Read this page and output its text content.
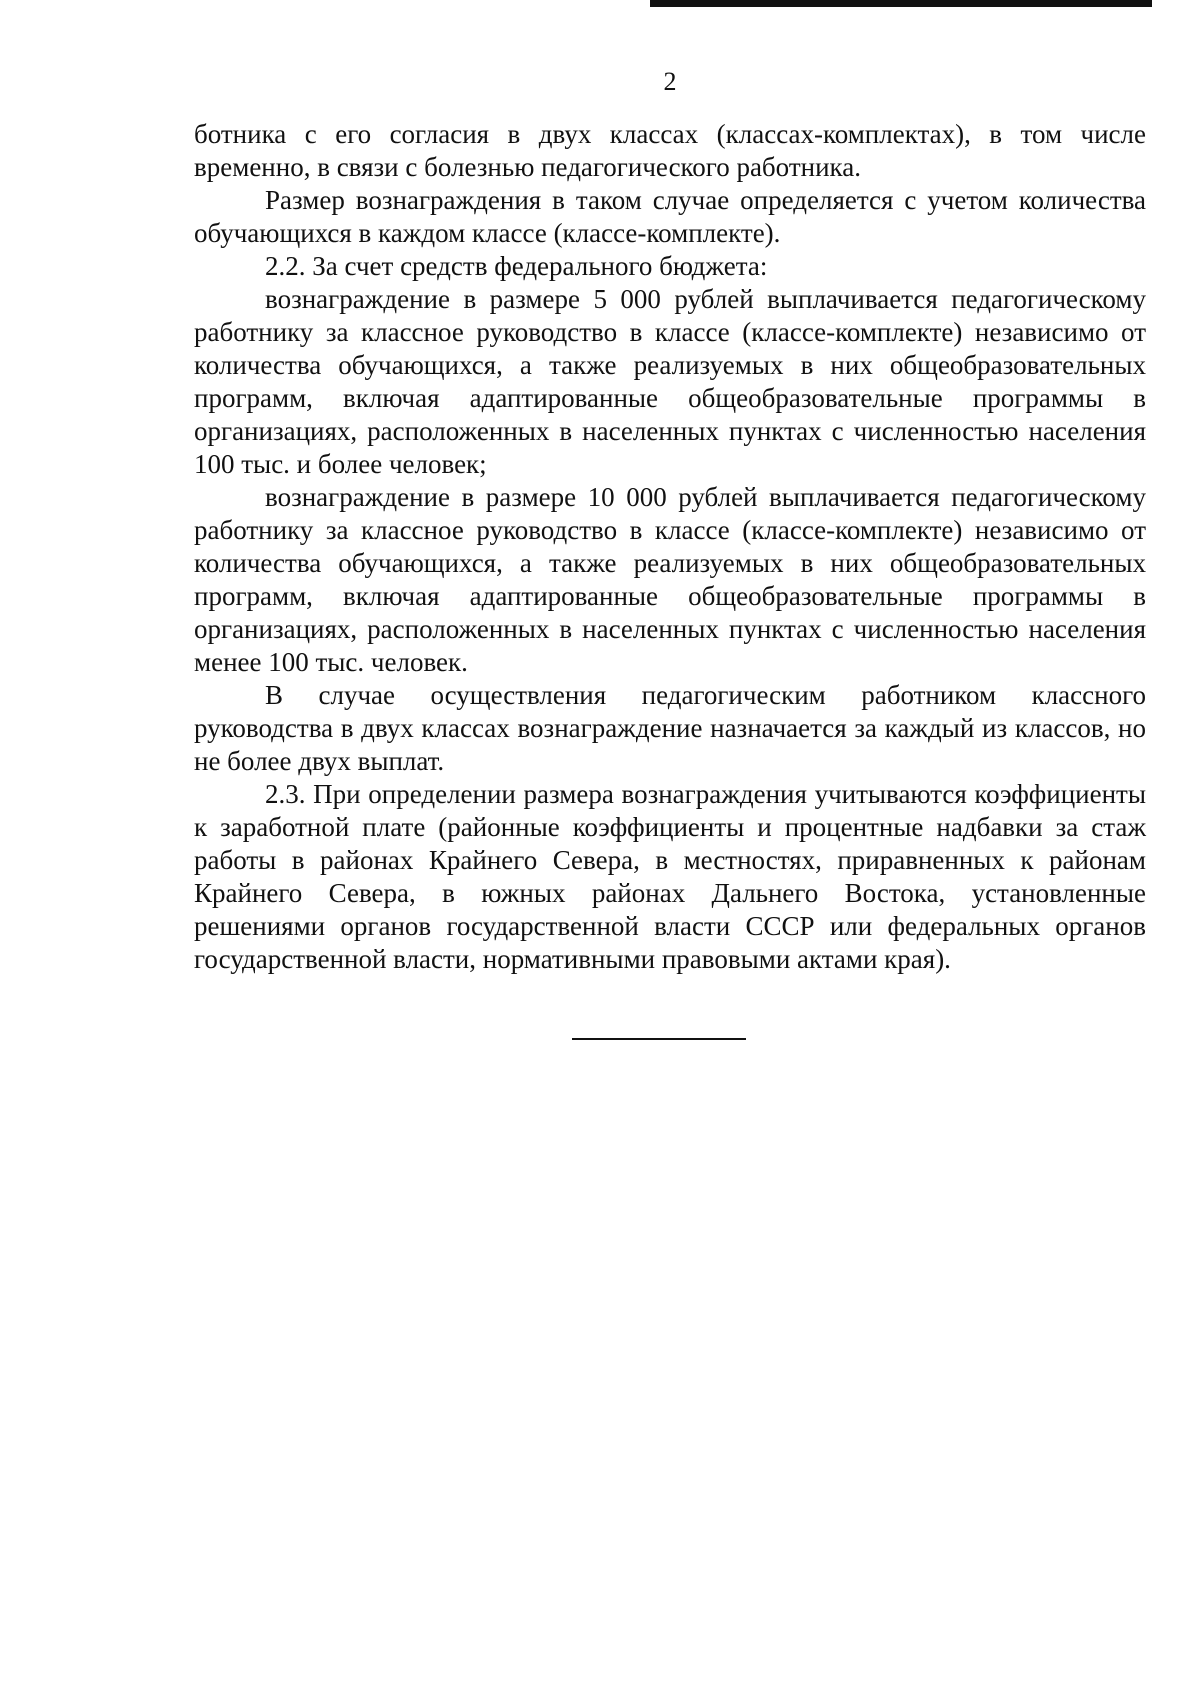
2

ботника с его согласия в двух классах (классах-комплектах), в том числе временно, в связи с болезнью педагогического работника.

Размер вознаграждения в таком случае определяется с учетом количества обучающихся в каждом классе (классе-комплекте).

2.2. За счет средств федерального бюджета:

вознаграждение в размере 5 000 рублей выплачивается педагогическому работнику за классное руководство в классе (классе-комплекте) независимо от количества обучающихся, а также реализуемых в них общеобразовательных программ, включая адаптированные общеобразовательные программы в организациях, расположенных в населенных пунктах с численностью населения 100 тыс. и более человек;

вознаграждение в размере 10 000 рублей выплачивается педагогическому работнику за классное руководство в классе (классе-комплекте) независимо от количества обучающихся, а также реализуемых в них общеобразовательных программ, включая адаптированные общеобразовательные программы в организациях, расположенных в населенных пунктах с численностью населения менее 100 тыс. человек.

В случае осуществления педагогическим работником классного руководства в двух классах вознаграждение назначается за каждый из классов, но не более двух выплат.

2.3. При определении размера вознаграждения учитываются коэффициенты к заработной плате (районные коэффициенты и процентные надбавки за стаж работы в районах Крайнего Севера, в местностях, приравненных к районам Крайнего Севера, в южных районах Дальнего Востока, установленные решениями органов государственной власти СССР или федеральных органов государственной власти, нормативными правовыми актами края).
